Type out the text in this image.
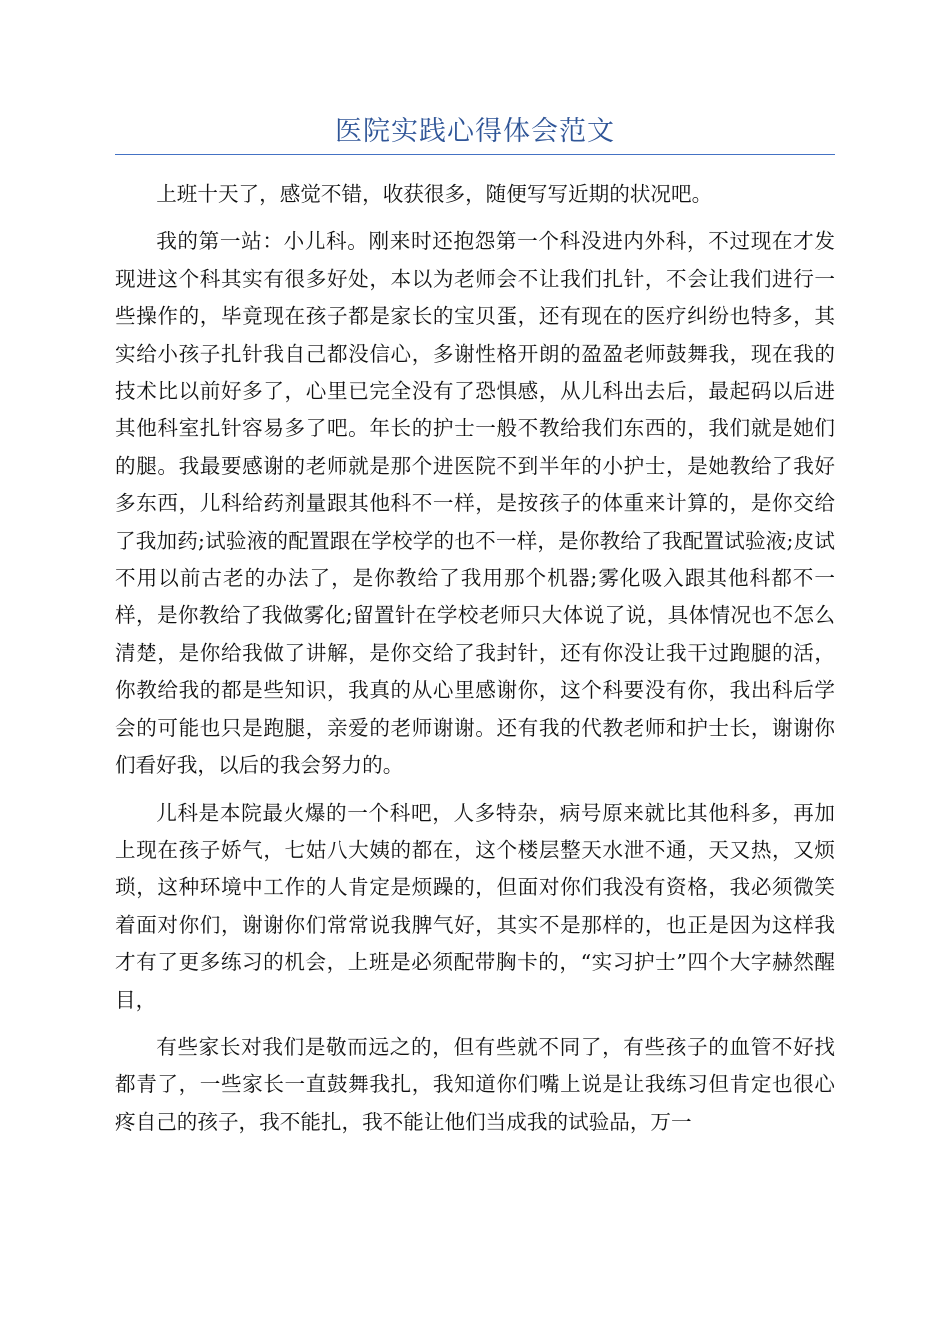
医院实践心得体会范文

上班十天了，感觉不错，收获很多，随便写写近期的状况吧。

我的第一站：小儿科。刚来时还抱怨第一个科没进内外科，不过现在才发现进这个科其实有很多好处，本以为老师会不让我们扎针，不会让我们进行一些操作的，毕竟现在孩子都是家长的宝贝蛋，还有现在的医疗纠纷也特多，其实给小孩子扎针我自己都没信心，多谢性格开朗的盈盈老师鼓舞我，现在我的技术比以前好多了，心里已完全没有了恐惧感，从儿科出去后，最起码以后进其他科室扎针容易多了吧。年长的护士一般不教给我们东西的，我们就是她们的腿。我最要感谢的老师就是那个进医院不到半年的小护士，是她教给了我好多东西，儿科给药剂量跟其他科不一样，是按孩子的体重来计算的，是你交给了我加药;试验液的配置跟在学校学的也不一样，是你教给了我配置试验液;皮试不用以前古老的办法了，是你教给了我用那个机器;雾化吸入跟其他科都不一样，是你教给了我做雾化;留置针在学校老师只大体说了说，具体情况也不怎么清楚，是你给我做了讲解，是你交给了我封针，还有你没让我干过跑腿的活，你教给我的都是些知识，我真的从心里感谢你，这个科要没有你，我出科后学会的可能也只是跑腿，亲爱的老师谢谢。还有我的代教老师和护士长，谢谢你们看好我，以后的我会努力的。

儿科是本院最火爆的一个科吧，人多特杂，病号原来就比其他科多，再加上现在孩子娇气，七姑八大姨的都在，这个楼层整天水泄不通，天又热，又烦琐，这种环境中工作的人肯定是烦躁的，但面对你们我没有资格，我必须微笑着面对你们，谢谢你们常常说我脾气好，其实不是那样的，也正是因为这样我才有了更多练习的机会，上班是必须配带胸卡的，“实习护士”四个大字赫然醒目，

有些家长对我们是敬而远之的，但有些就不同了，有些孩子的血管不好找都青了，一些家长一直鼓舞我扎，我知道你们嘴上说是让我练习但肯定也很心疼自己的孩子，我不能扎，我不能让他们当成我的试验品，万一
